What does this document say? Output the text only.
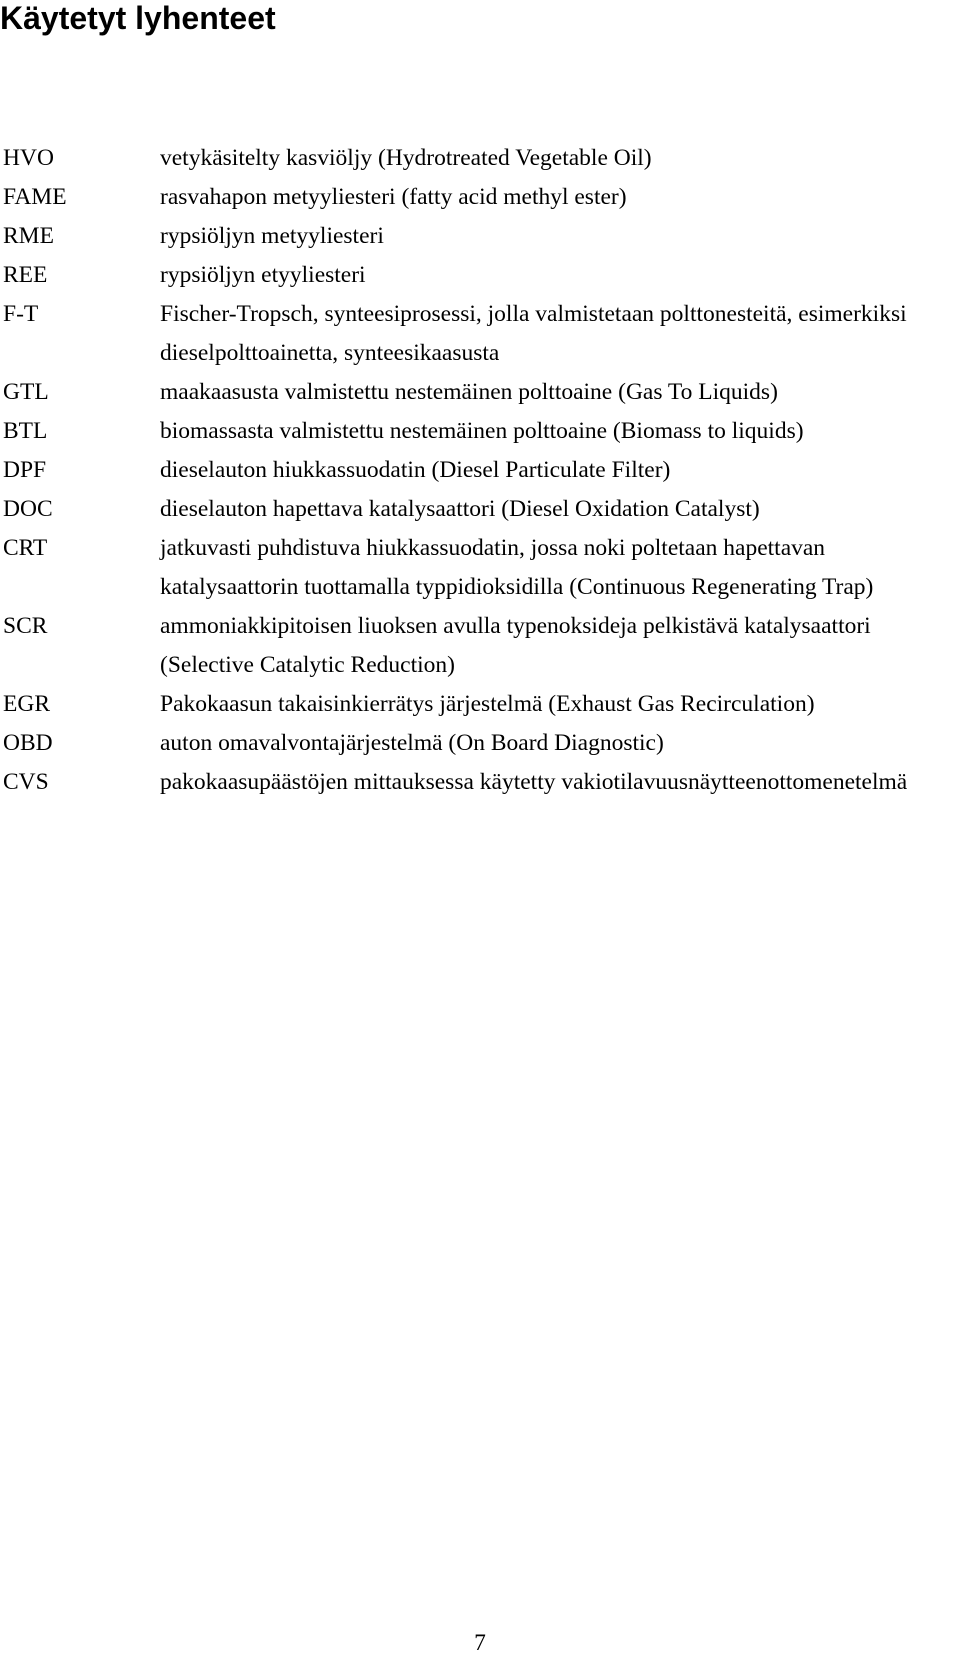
Käytetyt lyhenteet
HVO	vetykäsitelty kasviöljy (Hydrotreated Vegetable Oil)
FAME	rasvahapon metyyliesteri (fatty acid methyl ester)
RME	rypsiöljyn metyyliesteri
REE	rypsiöljyn etyyliesteri
F-T	Fischer-Tropsch, synteesiprosessi, jolla valmistetaan polttonesteitä, esimerkiksi dieselpolttoainetta, synteesikaasusta
GTL	maakaasusta valmistettu nestemäinen polttoaine (Gas To Liquids)
BTL	biomassasta valmistettu nestemäinen polttoaine (Biomass to liquids)
DPF	dieselauton hiukkassuodatin (Diesel Particulate Filter)
DOC	dieselauton hapettava katalysaattori (Diesel Oxidation Catalyst)
CRT	jatkuvasti puhdistuva hiukkassuodatin, jossa noki poltetaan hapettavan katalysaattorin tuottamalla typpidioksidilla (Continuous Regenerating Trap)
SCR	ammoniakkipitoisen liuoksen avulla typenoksideja pelkistävä katalysaattori (Selective Catalytic Reduction)
EGR	Pakokaasun takaisinkierrätys järjestelmä (Exhaust Gas Recirculation)
OBD	auton omavalvontajärjestelmä (On Board Diagnostic)
CVS	pakokaasupäästöjen mittauksessa käytetty vakiotilavuusnäytteenottomenetelmä
7
